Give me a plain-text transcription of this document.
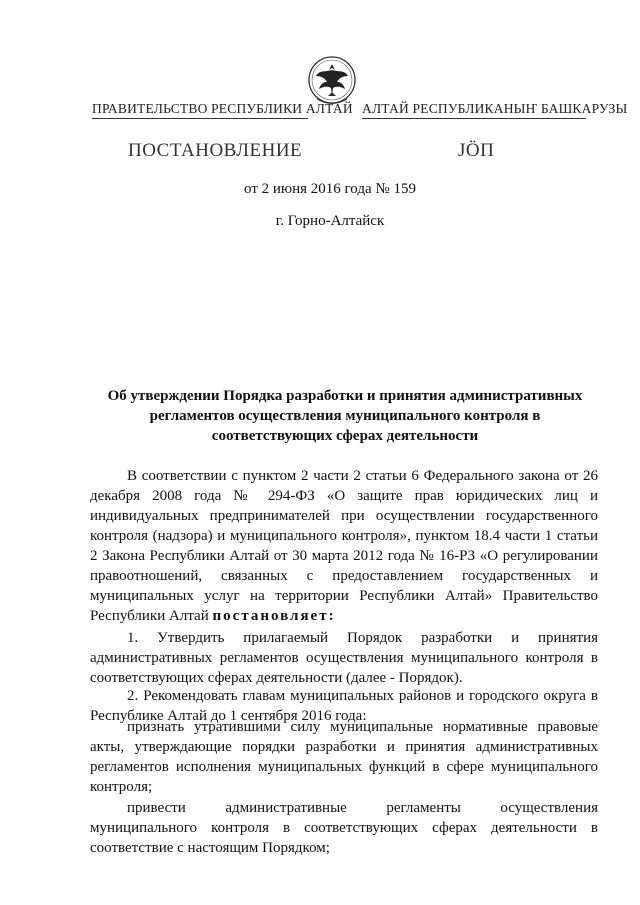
ПРАВИТЕЛЬСТВО РЕСПУБЛИКИ АЛТАЙ АЛТАЙ РЕСПУБЛИКАНЫҤ БАШКАРУЗЫ
ПОСТАНОВЛЕНИЕ	ЈӦП
от 2 июня 2016 года № 159
г. Горно-Алтайск
Об утверждении Порядка разработки и принятия административных регламентов осуществления муниципального контроля в соответствующих сферах деятельности
В соответствии с пунктом 2 части 2 статьи 6 Федерального закона от 26 декабря 2008 года № 294-ФЗ «О защите прав юридических лиц и индивидуальных предпринимателей при осуществлении государственного контроля (надзора) и муниципального контроля», пунктом 18.4 части 1 статьи 2 Закона Республики Алтай от 30 марта 2012 года № 16-РЗ «О регулировании правоотношений, связанных с предоставлением государственных и муниципальных услуг на территории Республики Алтай» Правительство Республики Алтай постановляет:
1. Утвердить прилагаемый Порядок разработки и принятия административных регламентов осуществления муниципального контроля в соответствующих сферах деятельности (далее - Порядок).
2. Рекомендовать главам муниципальных районов и городского округа в Республике Алтай до 1 сентября 2016 года:
признать утратившими силу муниципальные нормативные правовые акты, утверждающие порядки разработки и принятия административных регламентов исполнения муниципальных функций в сфере муниципального контроля;
привести административные регламенты осуществления муниципального контроля в соответствующих сферах деятельности в соответствие с настоящим Порядком;
